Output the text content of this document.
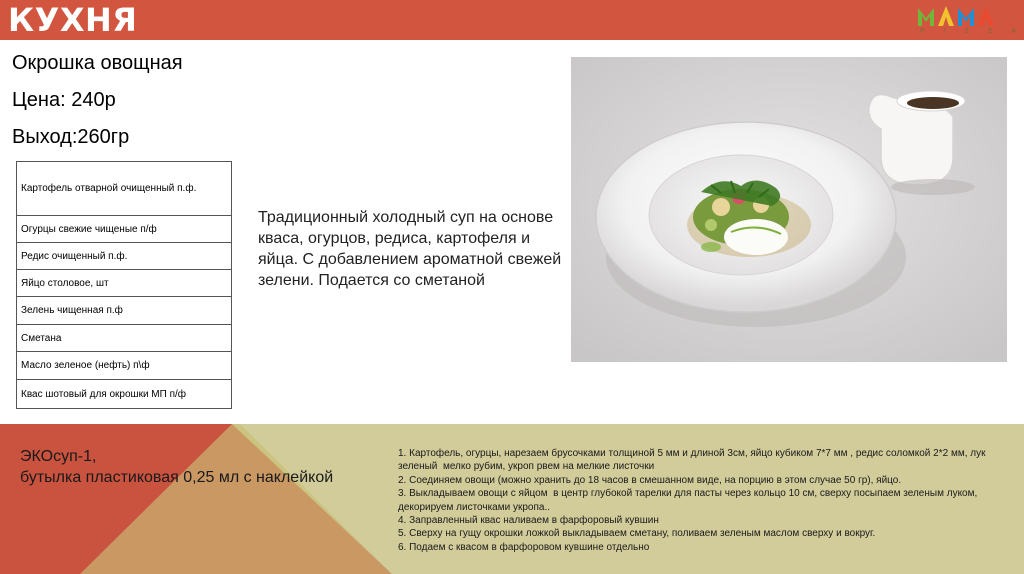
КУХНЯ	P	I	Z	Z	A
Окрошка овощная
Цена: 240р
Выход:260гр
Картофель отварной очищенный п.ф.
Огурцы свежие чищеные п/ф
Редис очищенный п.ф.
Яйцо столовое, шт
Зелень чищенная п.ф
Сметана
Масло зеленое (нефть) п\ф
Квас шотовый для окрошки МП п/ф
Традиционный холодный суп на основе кваса, огурцов, редиса, картофеля и яйца. С добавлением ароматной свежей зелени. Подается со сметаной
ЭКОсуп-1,
бутылка пластиковая 0,25 мл с наклейкой
1. Картофель, огурцы, нарезаем брусочками толщиной 5 мм и длиной 3см, яйцо кубиком 7*7 мм , редис соломкой 2*2 мм, лук зеленый  мелко рубим, укроп рвем на мелкие листочки
2. Соединяем овощи (можно хранить до 18 часов в смешанном виде, на порцию в этом случае 50 гр), яйцо.
3. Выкладываем овощи с яйцом  в центр глубокой тарелки для пасты через кольцо 10 см, сверху посыпаем зеленым луком, декорируем листочками укропа..
4. Заправленный квас наливаем в фарфоровый кувшин
5. Сверху на гущу окрошки ложкой выкладываем сметану, поливаем зеленым маслом сверху и вокруг.
6. Подаем с квасом в фарфоровом кувшине отдельно
